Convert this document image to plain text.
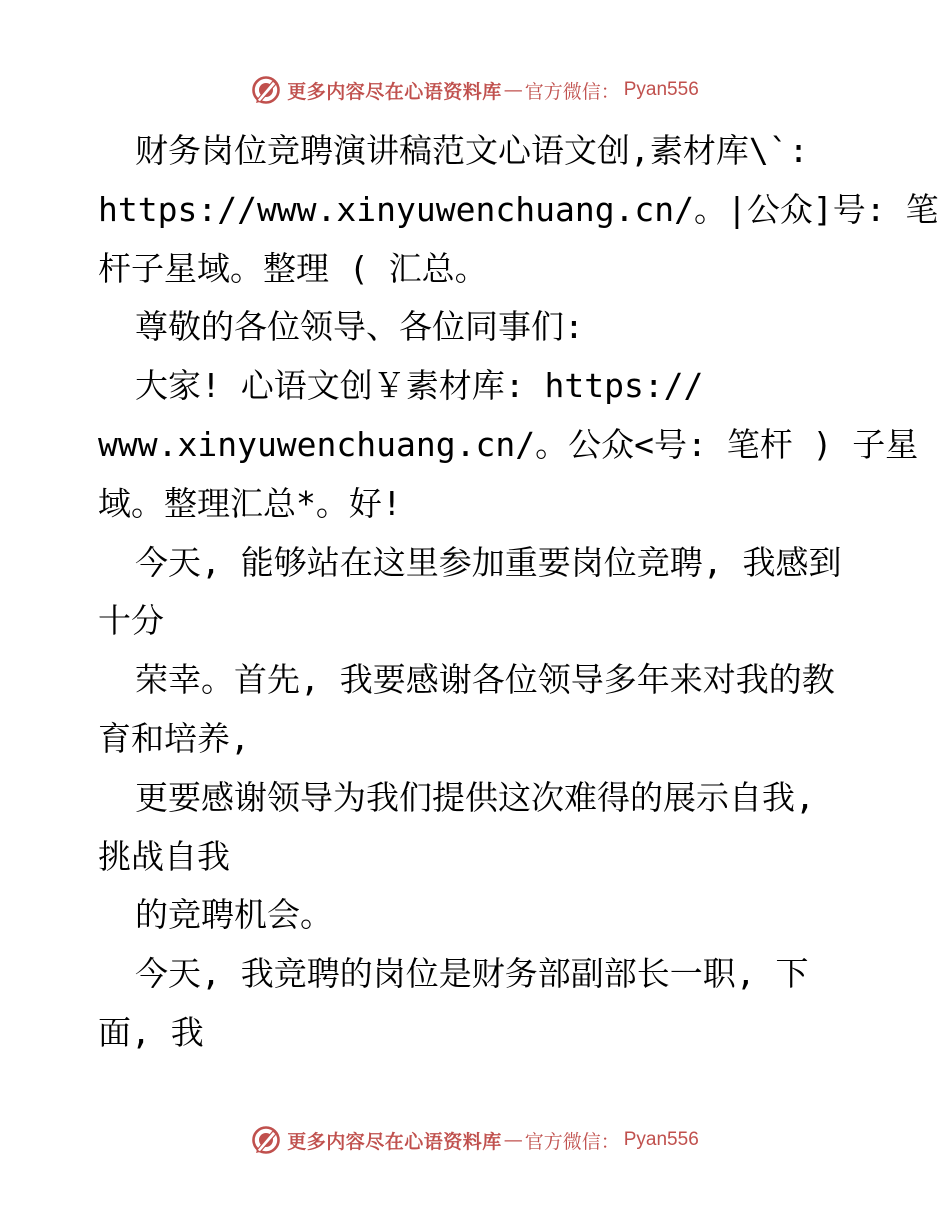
更多内容尽在心语资料库 — 官方微信： Pyan556
财务岗位竞聘演讲稿范文心语文创,素材库\`:
https://www.xinyuwenchuang.cn/。|公众]号: 笔
杆子星域。整理 ( 汇总。
尊敬的各位领导、各位同事们:
大家! 心语文创￥素材库: https://
www.xinyuwenchuang.cn/。公众<号: 笔杆 ) 子星
域。整理汇总*。好!
今天, 能够站在这里参加重要岗位竞聘, 我感到
十分
荣幸。首先, 我要感谢各位领导多年来对我的教
育和培养,
更要感谢领导为我们提供这次难得的展示自我,
挑战自我
的竞聘机会。
今天, 我竞聘的岗位是财务部副部长一职, 下
面, 我
更多内容尽在心语资料库 — 官方微信： Pyan556
